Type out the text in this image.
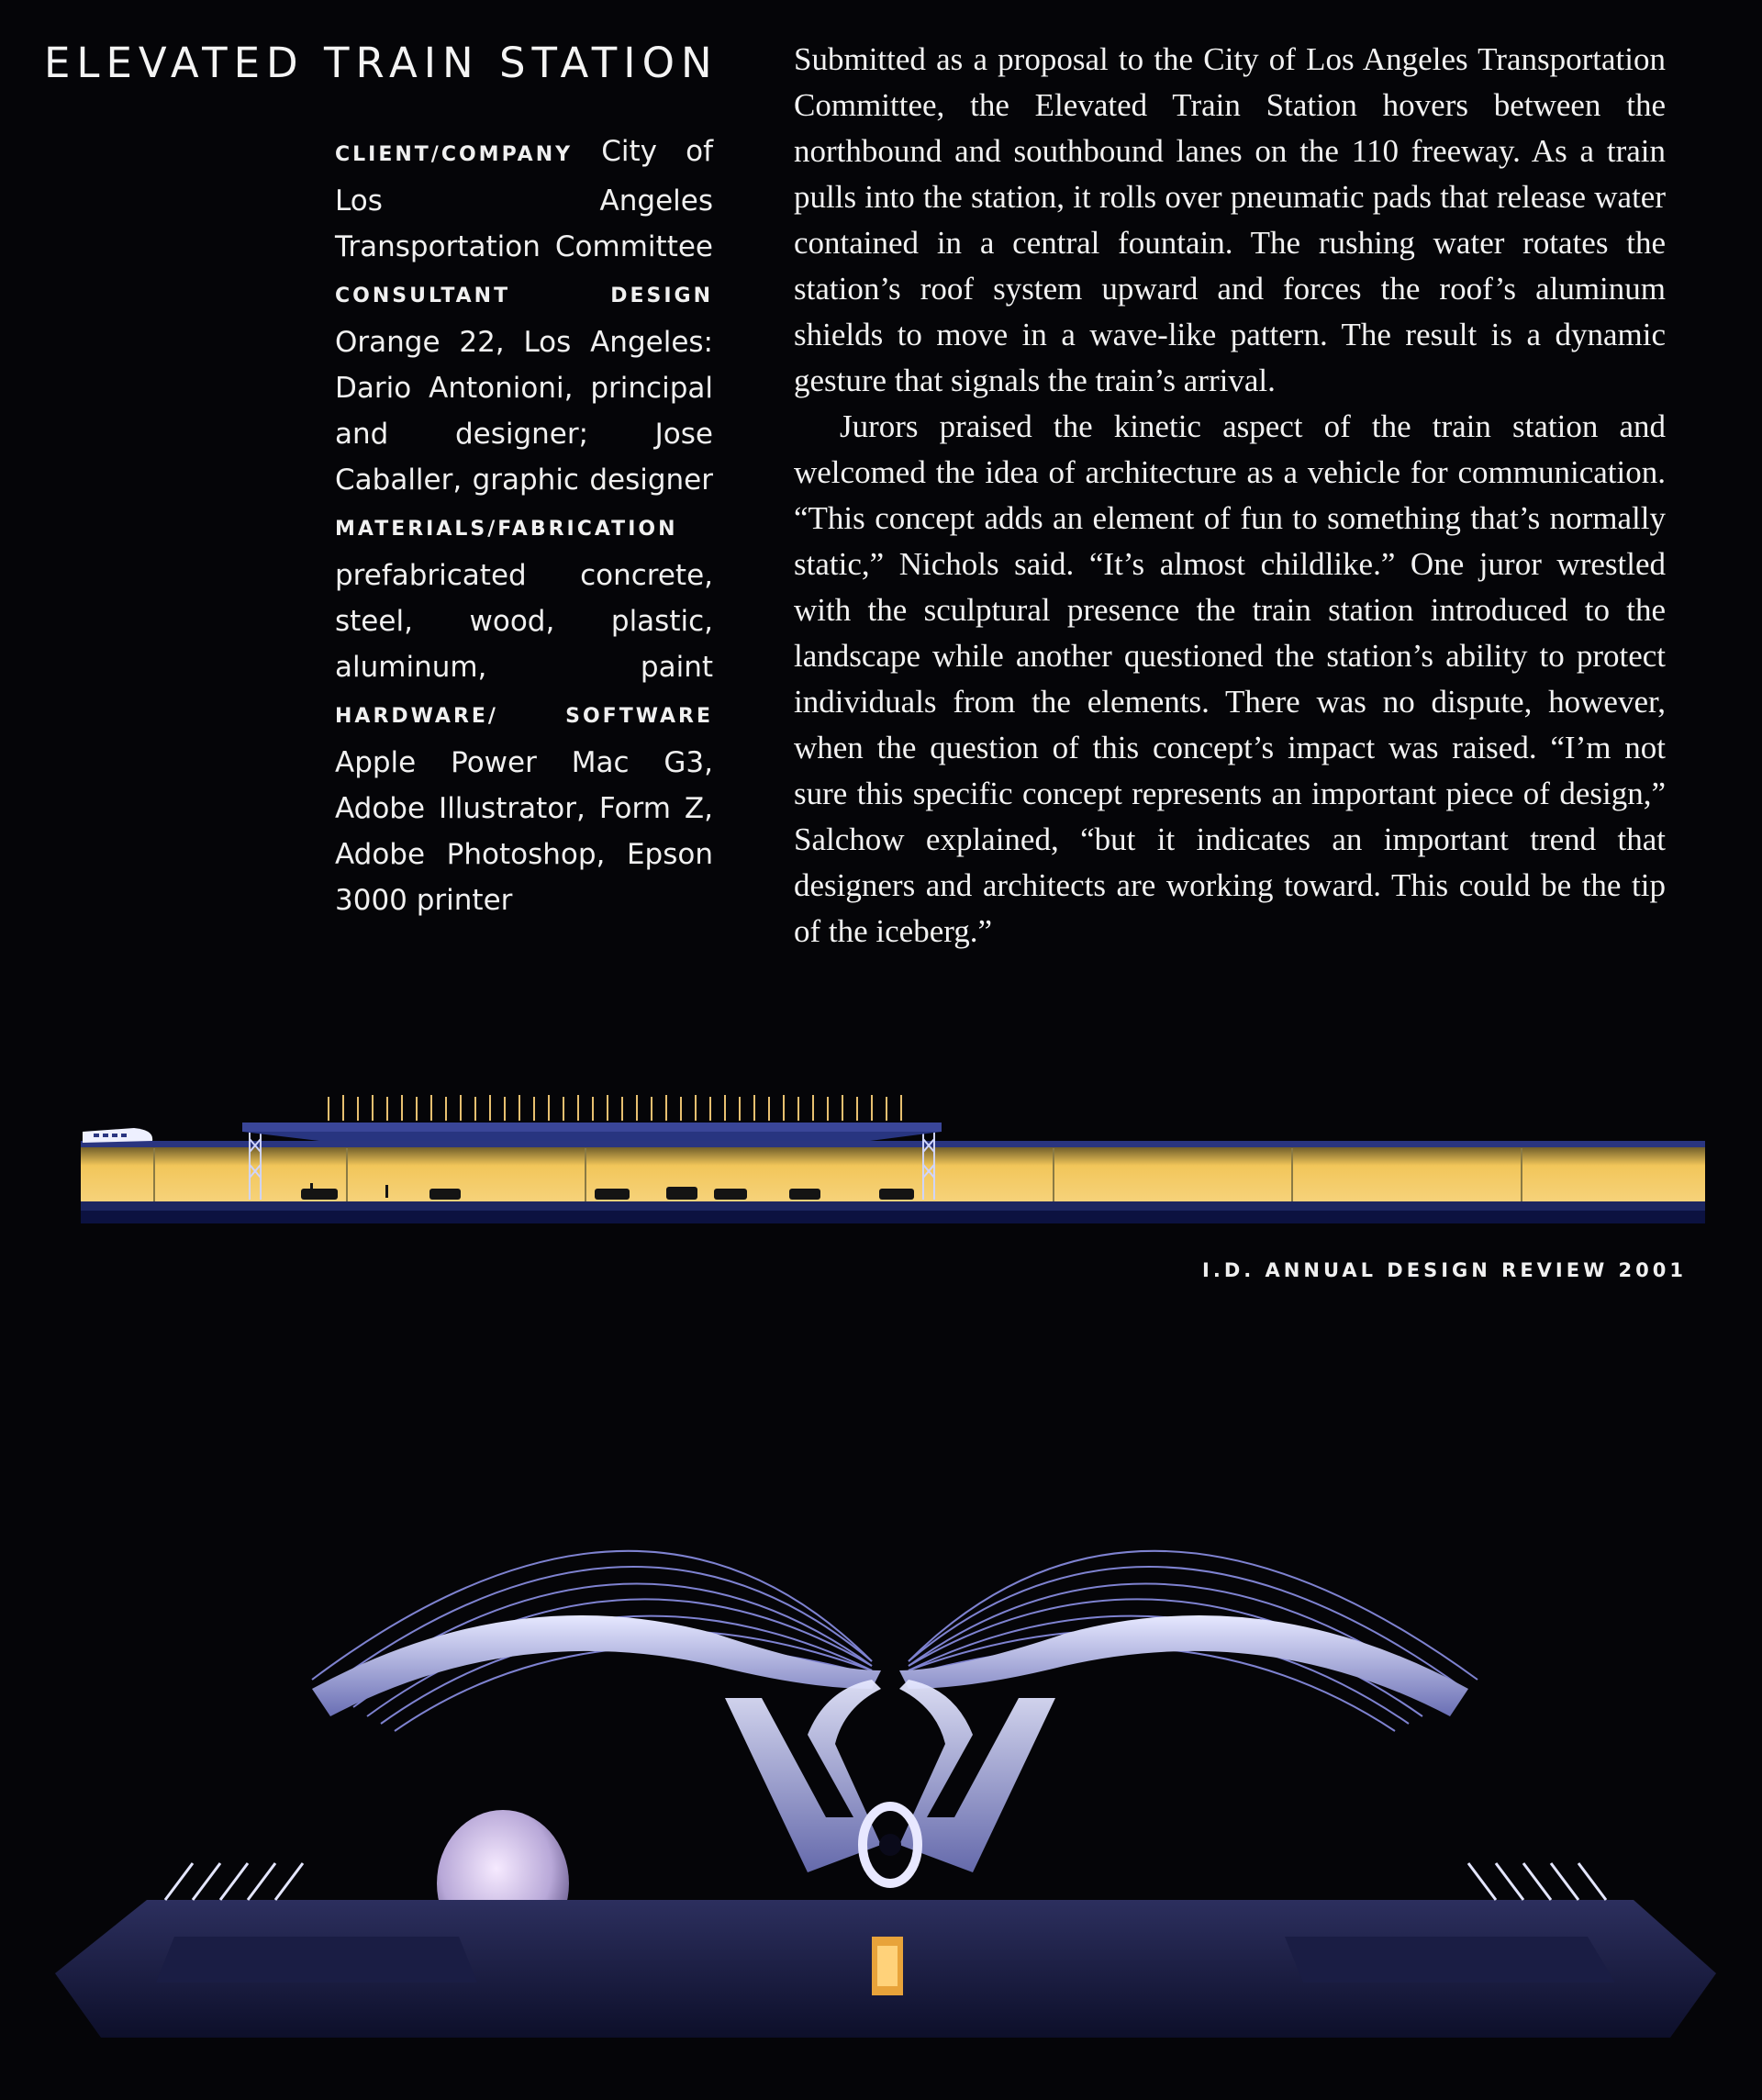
ELEVATED TRAIN STATION
CLIENT/COMPANY City of Los Angeles Transportation Committee CONSULTANT DESIGN Orange 22, Los Angeles: Dario Antonioni, principal and designer; Jose Caballer, graphic designer MATERIALS/FABRICATION prefabricated concrete, steel, wood, plastic, aluminum, paint HARDWARE/ SOFTWARE Apple Power Mac G3, Adobe Illustrator, Form Z, Adobe Photoshop, Epson 3000 printer

Submitted as a proposal to the City of Los Angeles Transportation Committee, the Elevated Train Station hovers between the northbound and southbound lanes on the 110 freeway. As a train pulls into the station, it rolls over pneumatic pads that release water contained in a central fountain. The rushing water rotates the station’s roof system upward and forces the roof’s aluminum shields to move in a wave-like pattern. The result is a dynamic gesture that signals the train’s arrival.

Jurors praised the kinetic aspect of the train station and welcomed the idea of architecture as a vehicle for communication. “This concept adds an element of fun to something that’s normally static,” Nichols said. “It’s almost childlike.” One juror wrestled with the sculptural presence the train station introduced to the landscape while another questioned the station’s ability to protect individuals from the elements. There was no dispute, however, when the question of this concept’s impact was raised. “I’m not sure this specific concept represents an important piece of design,” Salchow explained, “but it indicates an important trend that designers and architects are working toward. This could be the tip of the iceberg.”

I.D. ANNUAL DESIGN REVIEW 2001
